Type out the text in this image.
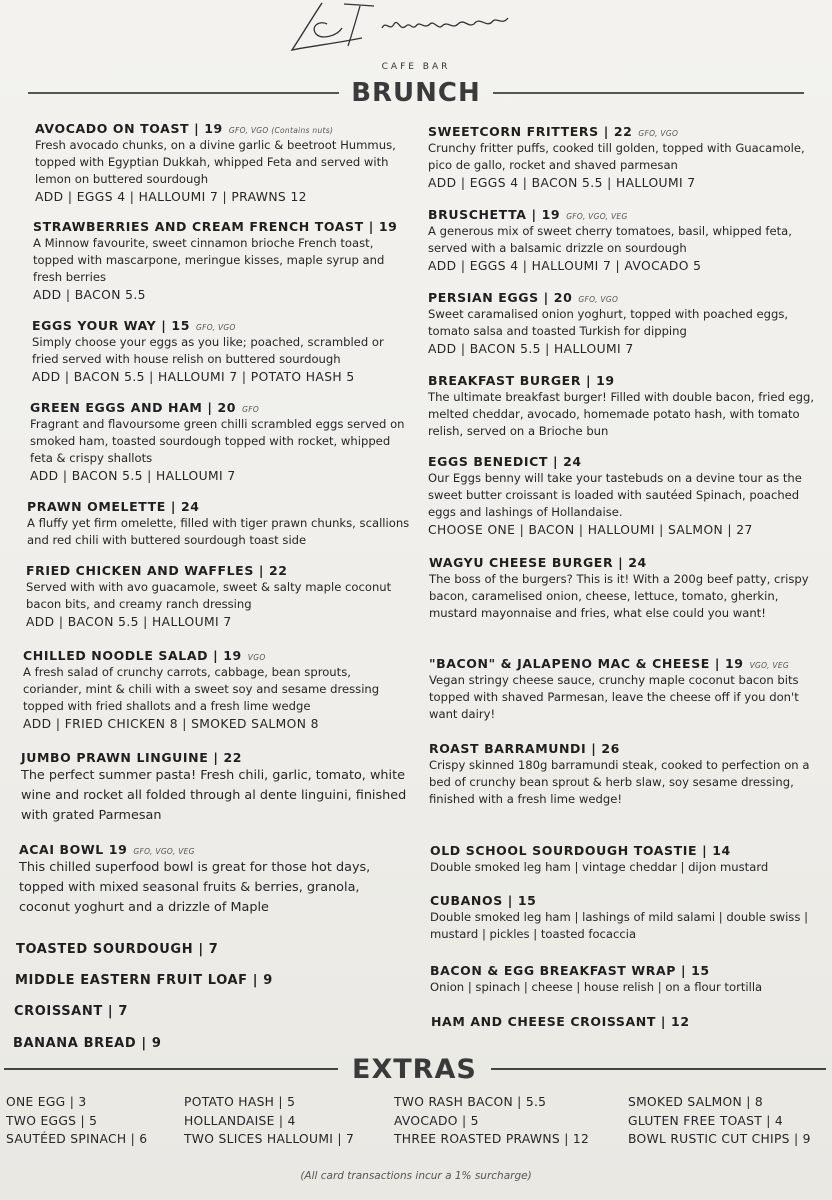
CAFE BAR
BRUNCH
AVOCADO ON TOAST | 19 GFO, VGO (Contains nuts)
Fresh avocado chunks, on a divine garlic & beetroot Hummus, topped with Egyptian Dukkah, whipped Feta and served with lemon on buttered sourdough
ADD | EGGS 4 | HALLOUMI 7 | PRAWNS 12
STRAWBERRIES AND CREAM FRENCH TOAST | 19
A Minnow favourite, sweet cinnamon brioche French toast, topped with mascarpone, meringue kisses, maple syrup and fresh berries
ADD | BACON 5.5
EGGS YOUR WAY | 15 GFO, VGO
Simply choose your eggs as you like; poached, scrambled or fried served with house relish on buttered sourdough
ADD | BACON 5.5 | HALLOUMI 7 | POTATO HASH 5
GREEN EGGS AND HAM | 20 GFO
Fragrant and flavoursome green chilli scrambled eggs served on smoked ham, toasted sourdough topped with rocket, whipped feta & crispy shallots
ADD | BACON 5.5 | HALLOUMI 7
PRAWN OMELETTE | 24
A fluffy yet firm omelette, filled with tiger prawn chunks, scallions and red chili with buttered sourdough toast side
FRIED CHICKEN AND WAFFLES | 22
Served with with avo guacamole, sweet & salty maple coconut bacon bits, and creamy ranch dressing
ADD | BACON 5.5 | HALLOUMI 7
CHILLED NOODLE SALAD | 19 VGO
A fresh salad of crunchy carrots, cabbage, bean sprouts, coriander, mint & chili with a sweet soy and sesame dressing topped with fried shallots and a fresh lime wedge
ADD | FRIED CHICKEN 8 | SMOKED SALMON 8
JUMBO PRAWN LINGUINE | 22
The perfect summer pasta! Fresh chili, garlic, tomato, white wine and rocket all folded through al dente linguini, finished with grated Parmesan
ACAI BOWL 19 GFO, VGO, VEG
This chilled superfood bowl is great for those hot days, topped with mixed seasonal fruits & berries, granola, coconut yoghurt and a drizzle of Maple
TOASTED SOURDOUGH | 7
MIDDLE EASTERN FRUIT LOAF | 9
CROISSANT | 7
BANANA BREAD | 9
SWEETCORN FRITTERS | 22 GFO, VGO
Crunchy fritter puffs, cooked till golden, topped with Guacamole, pico de gallo, rocket and shaved parmesan
ADD | EGGS 4 | BACON 5.5 | HALLOUMI 7
BRUSCHETTA | 19 GFO, VGO, VEG
A generous mix of sweet cherry tomatoes, basil, whipped feta, served with a balsamic drizzle on sourdough
ADD | EGGS 4 | HALLOUMI 7 | AVOCADO 5
PERSIAN EGGS | 20 GFO, VGO
Sweet caramalised onion yoghurt, topped with poached eggs, tomato salsa and toasted Turkish for dipping
ADD | BACON 5.5 | HALLOUMI 7
BREAKFAST BURGER | 19
The ultimate breakfast burger! Filled with double bacon, fried egg, melted cheddar, avocado, homemade potato hash, with tomato relish, served on a Brioche bun
EGGS BENEDICT | 24
Our Eggs benny will take your tastebuds on a devine tour as the sweet butter croissant is loaded with sautéed Spinach, poached eggs and lashings of Hollandaise.
CHOOSE ONE | BACON | HALLOUMI | SALMON | 27
WAGYU CHEESE BURGER | 24
The boss of the burgers? This is it! With a 200g beef patty, crispy bacon, caramelised onion, cheese, lettuce, tomato, gherkin, mustard mayonnaise and fries, what else could you want!
"BACON" & JALAPENO MAC & CHEESE | 19 VGO, VEG
Vegan stringy cheese sauce, crunchy maple coconut bacon bits topped with shaved Parmesan, leave the cheese off if you don't want dairy!
ROAST BARRAMUNDI | 26
Crispy skinned 180g barramundi steak, cooked to perfection on a bed of crunchy bean sprout & herb slaw, soy sesame dressing, finished with a fresh lime wedge!
OLD SCHOOL SOURDOUGH TOASTIE | 14
Double smoked leg ham | vintage cheddar | dijon mustard
CUBANOS | 15
Double smoked leg ham | lashings of mild salami | double swiss | mustard | pickles | toasted focaccia
BACON & EGG BREAKFAST WRAP | 15
Onion | spinach | cheese | house relish | on a flour tortilla
HAM AND CHEESE CROISSANT | 12
EXTRAS
ONE EGG | 3
TWO EGGS | 5
SAUTÉED SPINACH | 6
POTATO HASH | 5
HOLLANDAISE | 4
TWO SLICES HALLOUMI | 7
TWO RASH BACON | 5.5
AVOCADO | 5
THREE ROASTED PRAWNS | 12
SMOKED SALMON | 8
GLUTEN FREE TOAST | 4
BOWL RUSTIC CUT CHIPS | 9
(All card transactions incur a 1% surcharge)
